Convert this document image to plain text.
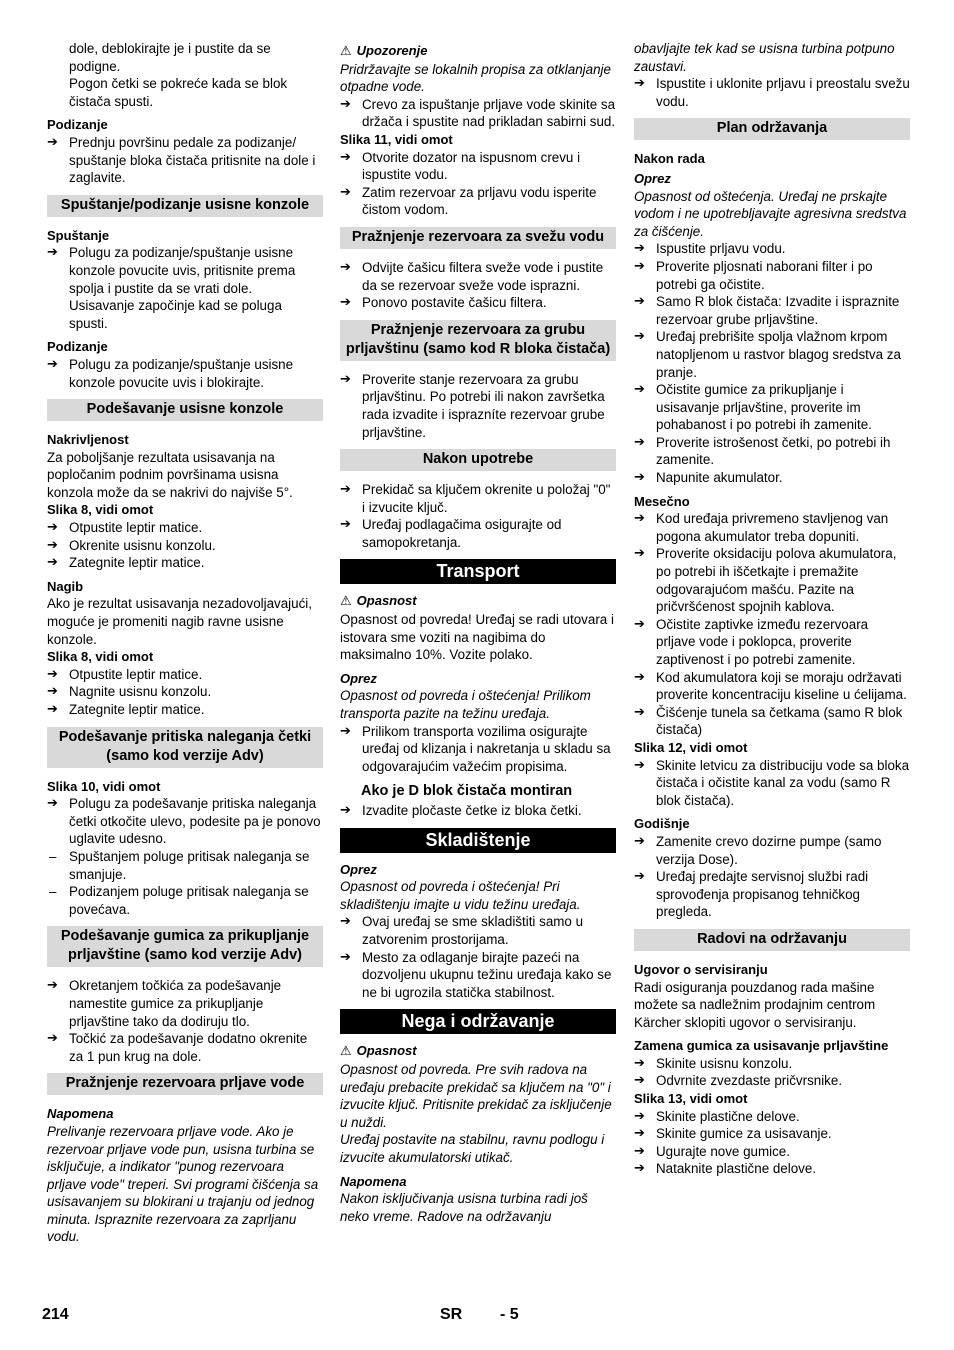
dole, deblokirajte je i pustite da se podigne.

Pogon četki se pokreće kada se blok čistača spusti.

Podizanje

➔ Prednju površinu pedale za podizanje/ spuštanje bloka čistača pritisnite na dole i zaglavite.

Spuštanje/podizanje usisne konzole

Spuštanje

➔ Polugu za podizanje/spuštanje usisne konzole povucite uvis, pritisnite prema spolja i pustite da se vrati dole.

Usisavanje započinje kad se poluga spusti.

Podizanje

➔ Polugu za podizanje/spuštanje usisne konzole povucite uvis i blokirajte.

Podešavanje usisne konzole

Nakrivljenost

Za poboljšanje rezultata usisavanja na popločanim podnim površinama usisna konzola može da se nakrivi do najviše 5°.

Slika 8, vidi omot

➔ Otpustite leptir matice.

➔ Okrenite usisnu konzolu.

➔ Zategnite leptir matice.

Nagib

Ako je rezultat usisavanja nezadovoljavajući, moguće je promeniti nagib ravne usisne konzole.

Slika 8, vidi omot

➔ Otpustite leptir matice.

➔ Nagnite usisnu konzolu.

➔ Zategnite leptir matice.

Podešavanje pritiska naleganja četki (samo kod verzije Adv)

Slika 10, vidi omot

➔ Polugu za podešavanje pritiska naleganja četki otkočite ulevo, podesite pa je ponovo uglavite udesno.

– Spuštanjem poluge pritisak naleganja se smanjuje.

– Podizanjem poluge pritisak naleganja se povećava.

Podešavanje gumica za prikupljanje prljavštine (samo kod verzije Adv)

➔ Okretanjem točkića za podešavanje namestite gumice za prikupljanje prljavštine tako da dodiruju tlo.

➔ Točkić za podešavanje dodatno okrenite za 1 pun krug na dole.

Pražnjenje rezervoara prljave vode

Napomena

Prelivanje rezervoara prljave vode. Ako je rezervoar prljave vode pun, usisna turbina se isključuje, a indikator "punog rezervoara prljave vode" treperi. Svi programi čišćenja sa usisavanjem su blokirani u trajanju od jednog minuta. Ispraznite rezervoara za zaprljanu vodu.

⚠ Upozorenje

Pridržavajte se lokalnih propisa za otklanjanje otpadne vode.

➔ Crevo za ispuštanje prljave vode skinite sa držača i spustite nad prikladan sabirni sud.

Slika 11, vidi omot

➔ Otvorite dozator na ispusnom crevu i ispustite vodu.

➔ Zatim rezervoar za prljavu vodu isperite čistom vodom.

Pražnjenje rezervoara za svežu vodu

➔ Odvijte čašicu filtera sveže vode i pustite da se rezervoar sveže vode isprazni.

➔ Ponovo postavite čašicu filtera.

Pražnjenje rezervoara za grubu prljavštinu (samo kod R bloka čistača)

➔ Proverite stanje rezervoara za grubu prljavštinu. Po potrebi ili nakon završetka rada izvadite i isprazníte rezervoar grube prljavštine.

Nakon upotrebe

➔ Prekidač sa ključem okrenite u položaj "0" i izvucite ključ.

➔ Uređaj podlagačima osigurajte od samopokretanja.

Transport

⚠ Opasnost

Opasnost od povreda! Uređaj se radi utovara i istovara sme voziti na nagibima do maksimalno 10%. Vozite polako.

Oprez

Opasnost od povreda i oštećenja! Prilikom transporta pazite na težinu uređaja.

➔ Prilikom transporta vozilima osigurajte uređaj od klizanja i nakretanja u skladu sa odgovarajućim važećim propisima.

Ako je D blok čistača montiran

➔ Izvadite pločaste četke iz bloka četki.

Skladištenje

Oprez

Opasnost od povreda i oštećenja! Pri skladištenju imajte u vidu težinu uređaja.

➔ Ovaj uređaj se sme skladištiti samo u zatvorenim prostorijama.

➔ Mesto za odlaganje birajte pazeći na dozvoljenu ukupnu težinu uređaja kako se ne bi ugrozila statička stabilnost.

Nega i održavanje

⚠ Opasnost

Opasnost od povreda. Pre svih radova na uređaju prebacite prekidač sa ključem na "0" i izvucite ključ. Pritisnite prekidač za isključenje u nuždi.

Uređaj postavite na stabilnu, ravnu podlogu i izvucite akumulatorski utikač.

Napomena

Nakon isključivanja usisna turbina radi još neko vreme. Radove na održavanju

obavljajte tek kad se usisna turbina potpuno zaustavi.

➔ Ispustite i uklonite prljavu i preostalu svežu vodu.

Plan održavanja

Nakon rada

Oprez

Opasnost od oštećenja. Uređaj ne prskajte vodom i ne upotrebljavajte agresivna sredstva za čišćenje.

➔ Ispustite prljavu vodu.

➔ Proverite pljosnati naborani filter i po potrebi ga očistite.

➔ Samo R blok čistača: Izvadite i ispraznite rezervoar grube prljavštine.

➔ Uređaj prebrišite spolja vlažnom krpom natopljenom u rastvor blagog sredstva za pranje.

➔ Očistite gumice za prikupljanje i usisavanje prljavštine, proverite im pohabanost i po potrebi ih zamenite.

➔ Proverite istrošenost četki, po potrebi ih zamenite.

➔ Napunite akumulator.

Mesečno

➔ Kod uređaja privremeno stavljenog van pogona akumulator treba dopuniti.

➔ Proverite oksidaciju polova akumulatora, po potrebi ih iščetkajte i premažite odgovarajućom mašću. Pazite na pričvršćenost spojnih kablova.

➔ Očistite zaptivke između rezervoara prljave vode i poklopca, proverite zaptivenost i po potrebi zamenite.

➔ Kod akumulatora koji se moraju održavati proverite koncentraciju kiseline u ćelijama.

➔ Čišćenje tunela sa četkama (samo R blok čistača)

Slika 12, vidi omot

➔ Skinite letvicu za distribuciju vode sa bloka čistača i očistite kanal za vodu (samo R blok čistača).

Godišnje

➔ Zamenite crevo dozirne pumpe (samo verzija Dose).

➔ Uređaj predajte servisnoj službi radi sprovođenja propisanog tehničkog pregleda.

Radovi na održavanju

Ugovor o servisiranju

Radi osiguranja pouzdanog rada mašine možete sa nadležnim prodajnim centrom Kärcher sklopiti ugovor o servisiranju.

Zamena gumica za usisavanje prljavštine

➔ Skinite usisnu konzolu.

➔ Odvrnite zvezdaste pričvrsnike.

Slika 13, vidi omot

➔ Skinite plastične delove.

➔ Skinite gumice za usisavanje.

➔ Ugurajte nove gumice.

➔ Nataknite plastične delove.

214	SR - 5
